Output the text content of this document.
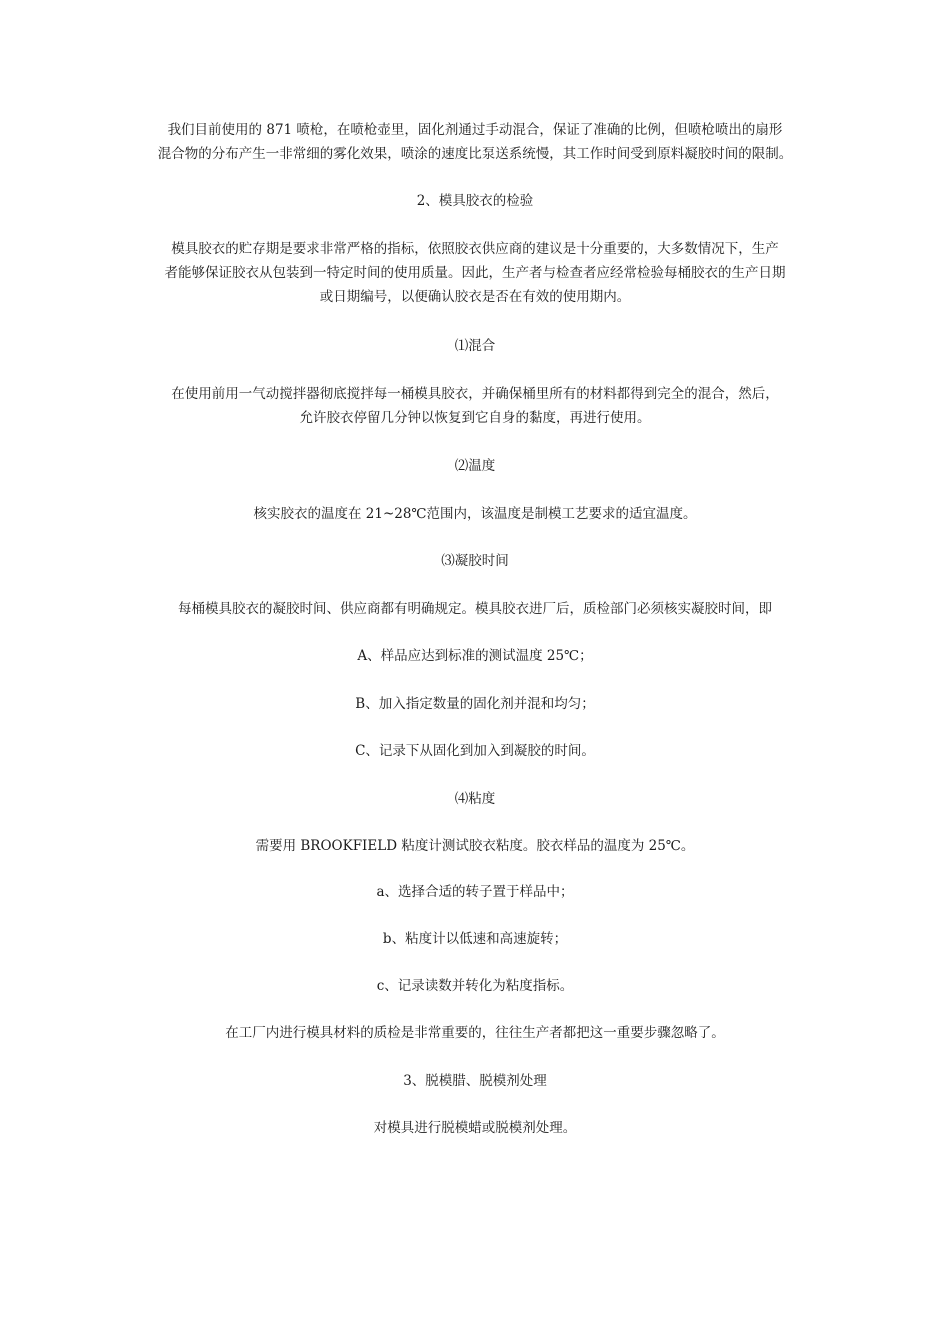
我们目前使用的 871 喷枪，在喷枪壶里，固化剂通过手动混合，保证了准确的比例，但喷枪喷出的扇形
混合物的分布产生一非常细的雾化效果，喷涂的速度比泵送系统慢，其工作时间受到原料凝胶时间的限制。

2、模具胶衣的检验

模具胶衣的贮存期是要求非常严格的指标，依照胶衣供应商的建议是十分重要的，大多数情况下，生产
者能够保证胶衣从包装到一特定时间的使用质量。因此，生产者与检查者应经常检验每桶胶衣的生产日期
或日期编号，以便确认胶衣是否在有效的使用期内。

⑴混合

在使用前用一气动搅拌器彻底搅拌每一桶模具胶衣，并确保桶里所有的材料都得到完全的混合，然后，
允许胶衣停留几分钟以恢复到它自身的黏度，再进行使用。

⑵温度

核实胶衣的温度在 21~28℃范围内，该温度是制模工艺要求的适宜温度。

⑶凝胶时间

每桶模具胶衣的凝胶时间、供应商都有明确规定。模具胶衣进厂后，质检部门必须核实凝胶时间，即

A、样品应达到标准的测试温度 25℃；

B、加入指定数量的固化剂并混和均匀；

C、记录下从固化到加入到凝胶的时间。

⑷粘度

需要用 BROOKFIELD 粘度计测试胶衣粘度。胶衣样品的温度为 25℃。

a、选择合适的转子置于样品中；

b、粘度计以低速和高速旋转；

c、记录读数并转化为粘度指标。

在工厂内进行模具材料的质检是非常重要的，往往生产者都把这一重要步骤忽略了。

3、脱模腊、脱模剂处理

对模具进行脱模蜡或脱模剂处理。
